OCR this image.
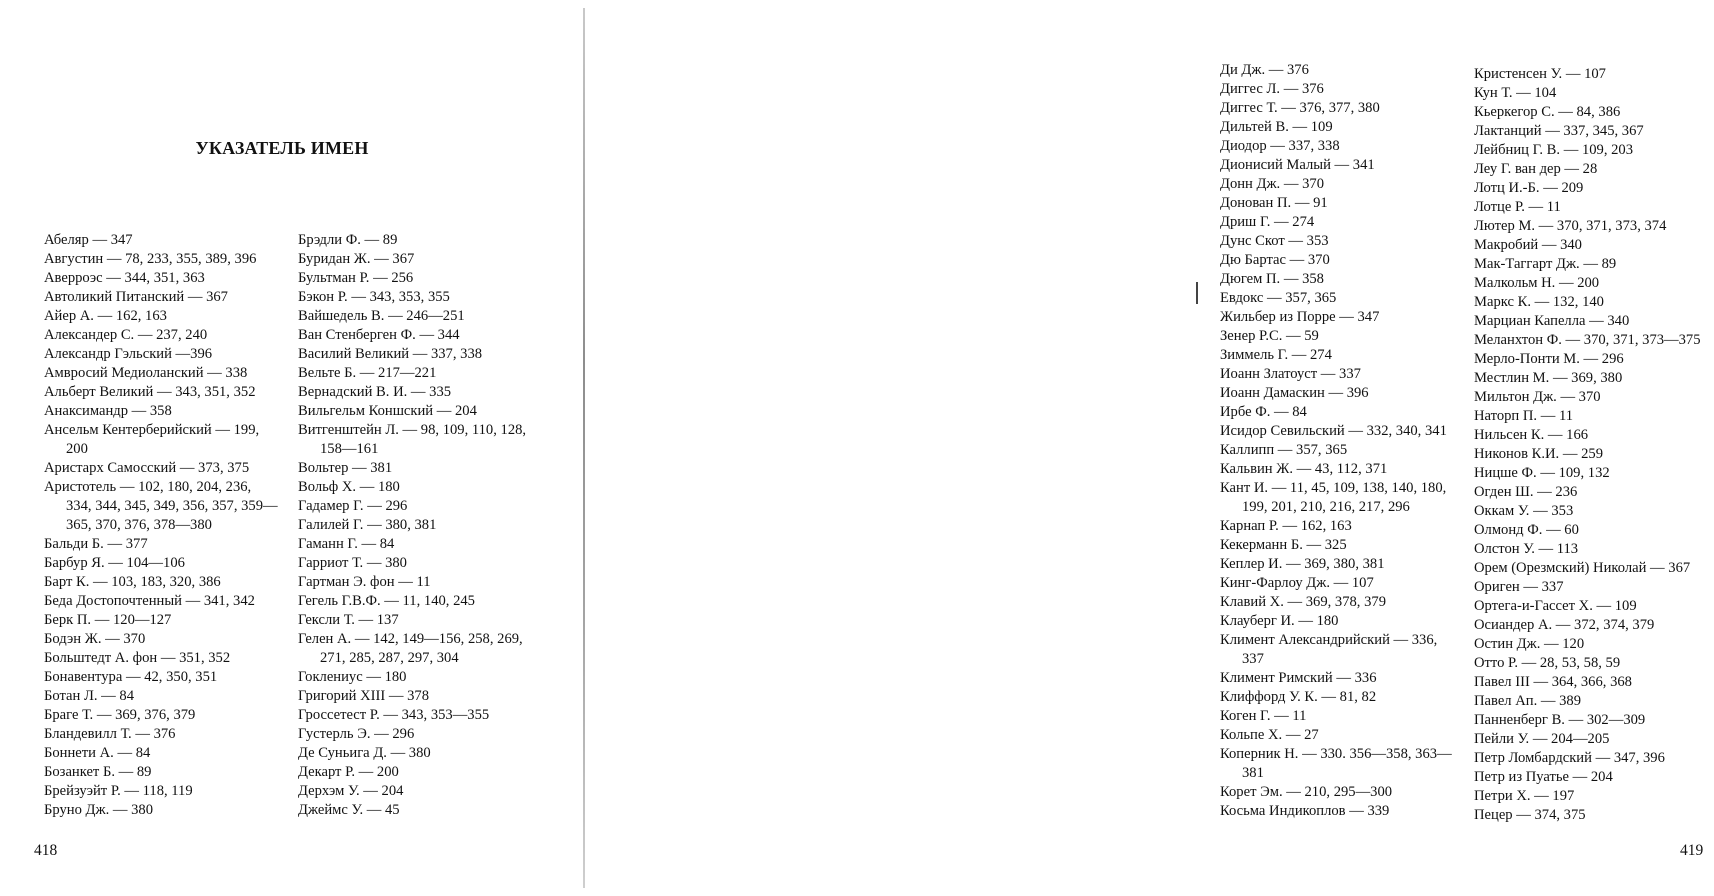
УКАЗАТЕЛЬ ИМЕН
Абеляр — 347
Августин — 78, 233, 355, 389, 396
Аверроэс — 344, 351, 363
Автоликий Питанский — 367
Айер А. — 162, 163
Александер С. — 237, 240
Александр Гэльский —396
Амвросий Медиоланский — 338
Альберт Великий — 343, 351, 352
Анаксимандр — 358
Ансельм Кентерберийский — 199, 200
Аристарх Самосский — 373, 375
Аристотель — 102, 180, 204, 236, 334, 344, 345, 349, 356, 357, 359—365, 370, 376, 378—380
Бальди Б. — 377
Барбур Я. — 104—106
Барт К. — 103, 183, 320, 386
Беда Достопочтенный — 341, 342
Берк П. — 120—127
Бодэн Ж. — 370
Больштедт А. фон — 351, 352
Бонавентура — 42, 350, 351
Ботан Л. — 84
Браге Т. — 369, 376, 379
Бландевилл Т. — 376
Боннети А. — 84
Бозанкет Б. — 89
Брейзуэйт Р. — 118, 119
Бруно Дж. — 380
Брэдли Ф. — 89
Буридан Ж. — 367
Бультман Р. — 256
Бэкон Р. — 343, 353, 355
Вайшедель В. — 246—251
Ван Стенберген Ф. — 344
Василий Великий — 337, 338
Вельте Б. — 217—221
Вернадский В. И. — 335
Вильгельм Коншский — 204
Витгенштейн Л. — 98, 109, 110, 128, 158—161
Вольтер — 381
Вольф Х. — 180
Гадамер Г. — 296
Галилей Г. — 380, 381
Гаманн Г. — 84
Гарриот Т. — 380
Гартман Э. фон — 11
Гегель Г.В.Ф. — 11, 140, 245
Гексли Т. — 137
Гелен А. — 142, 149—156, 258, 269, 271, 285, 287, 297, 304
Гоклениус — 180
Григорий XIII — 378
Гроссетест Р. — 343, 353—355
Густерль Э. — 296
Де Суньига Д. — 380
Декарт Р. — 200
Дерхэм У. — 204
Джеймс У. — 45
418
Ди Дж. — 376
Диггес Л. — 376
Диггес Т. — 376, 377, 380
Дильтей В. — 109
Диодор — 337, 338
Дионисий Малый — 341
Донн Дж. — 370
Донован П. — 91
Дриш Г. — 274
Дунс Скот — 353
Дю Бартас — 370
Дюгем П. — 358
Евдокс — 357, 365
Жильбер из Порре — 347
Зенер Р.С. — 59
Зиммель Г. — 274
Иоанн Златоуст — 337
Иоанн Дамаскин — 396
Ирбе Ф. — 84
Исидор Севильский — 332, 340, 341
Каллипп — 357, 365
Кальвин Ж. — 43, 112, 371
Кант И. — 11, 45, 109, 138, 140, 180, 199, 201, 210, 216, 217, 296
Карнап Р. — 162, 163
Кекерманн Б. — 325
Кеплер И. — 369, 380, 381
Кинг-Фарлоу Дж. — 107
Клавий Х. — 369, 378, 379
Клауберг И. — 180
Климент Александрийский — 336, 337
Климент Римский — 336
Клиффорд У. К. — 81, 82
Коген Г. — 11
Кольпе Х. — 27
Коперник Н. — 330. 356—358, 363—381
Корет Эм. — 210, 295—300
Косьма Индикоплов — 339
Кристенсен У. — 107
Кун Т. — 104
Кьеркегор С. — 84, 386
Лактанций — 337, 345, 367
Лейбниц Г. В. — 109, 203
Леу Г. ван дер — 28
Лотц И.-Б. — 209
Лотце Р. — 11
Лютер М. — 370, 371, 373, 374
Макробий — 340
Мак-Таггарт Дж. — 89
Малкольм Н. — 200
Маркс К. — 132, 140
Марциан Капелла — 340
Меланхтон Ф. — 370, 371, 373—375
Мерло-Понти М. — 296
Местлин М. — 369, 380
Мильтон Дж. — 370
Наторп П. — 11
Нильсен К. — 166
Никонов К.И. — 259
Ницше Ф. — 109, 132
Огден Ш. — 236
Оккам У. — 353
Олмонд Ф. — 60
Олстон У. — 113
Орем (Орезмский) Николай — 367
Ориген — 337
Ортега-и-Гассет Х. — 109
Осиандер А. — 372, 374, 379
Остин Дж. — 120
Отто Р. — 28, 53, 58, 59
Павел III — 364, 366, 368
Павел Ап. — 389
Панненберг В. — 302—309
Пейли У. — 204—205
Петр Ломбардский — 347, 396
Петр из Пуатье — 204
Петри Х. — 197
Пецер — 374, 375
419
